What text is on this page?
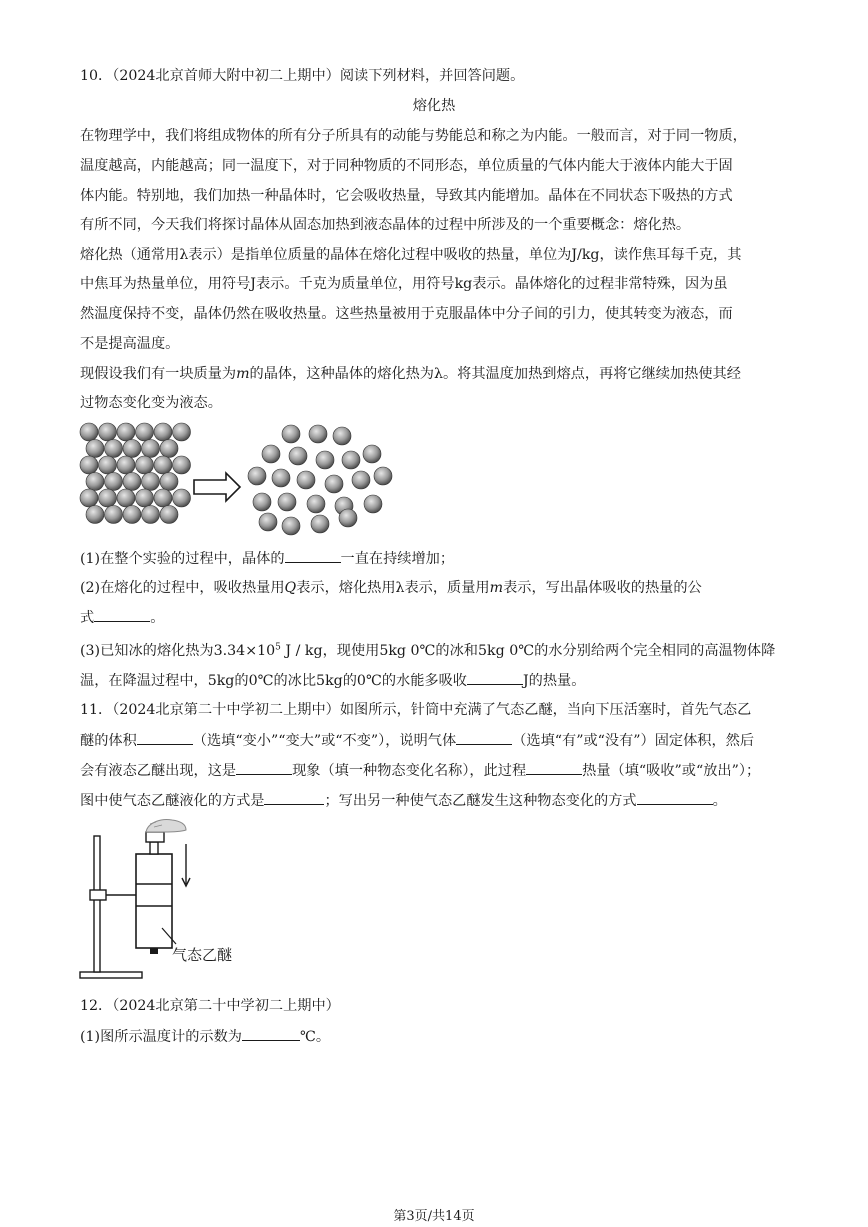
10．（2024北京首师大附中初二上期中）阅读下列材料，并回答问题。
熔化热
在物理学中，我们将组成物体的所有分子所具有的动能与势能总和称之为内能。一般而言，对于同一物质，
温度越高，内能越高；同一温度下，对于同种物质的不同形态，单位质量的气体内能大于液体内能大于固
体内能。特别地，我们加热一种晶体时，它会吸收热量，导致其内能增加。晶体在不同状态下吸热的方式
有所不同，今天我们将探讨晶体从固态加热到液态晶体的过程中所涉及的一个重要概念：熔化热。
熔化热（通常用λ表示）是指单位质量的晶体在熔化过程中吸收的热量，单位为J/kg，读作焦耳每千克，其
中焦耳为热量单位，用符号J表示。千克为质量单位，用符号kg表示。晶体熔化的过程非常特殊，因为虽
然温度保持不变，晶体仍然在吸收热量。这些热量被用于克服晶体中分子间的引力，使其转变为液态，而
不是提高温度。
现假设我们有一块质量为m的晶体，这种晶体的熔化热为λ。将其温度加热到熔点，再将它继续加热使其经
过物态变化变为液态。
(1)在整个实验的过程中，晶体的	一直在持续增加；
(2)在熔化的过程中，吸收热量用Q表示，熔化热用λ表示，质量用m表示，写出晶体吸收的热量的公
式	。
(3)已知冰的熔化热为$3.34\times 10^5$ J / kg，现使用5kg 0℃的冰和5kg 0℃的水分别给两个完全相同的高温物体降
温，在降温过程中，5kg的0℃的冰比5kg的0℃的水能多吸收	J的热量。
11．（2024北京第二十中学初二上期中）如图所示，针筒中充满了气态乙醚，当向下压活塞时，首先气态乙
醚的体积	（选填“变小”“变大”或“不变”），说明气体	（选填“有”或“没有”）固定体积，然后
会有液态乙醚出现，这是	现象（填一种物态变化名称），此过程	热量（填“吸收”或“放出”）；
图中使气态乙醚液化的方式是	；写出另一种使气态乙醚发生这种物态变化的方式	。
气态乙醚
12．（2024北京第二十中学初二上期中）
(1)图所示温度计的示数为	℃。
第3页/共14页
